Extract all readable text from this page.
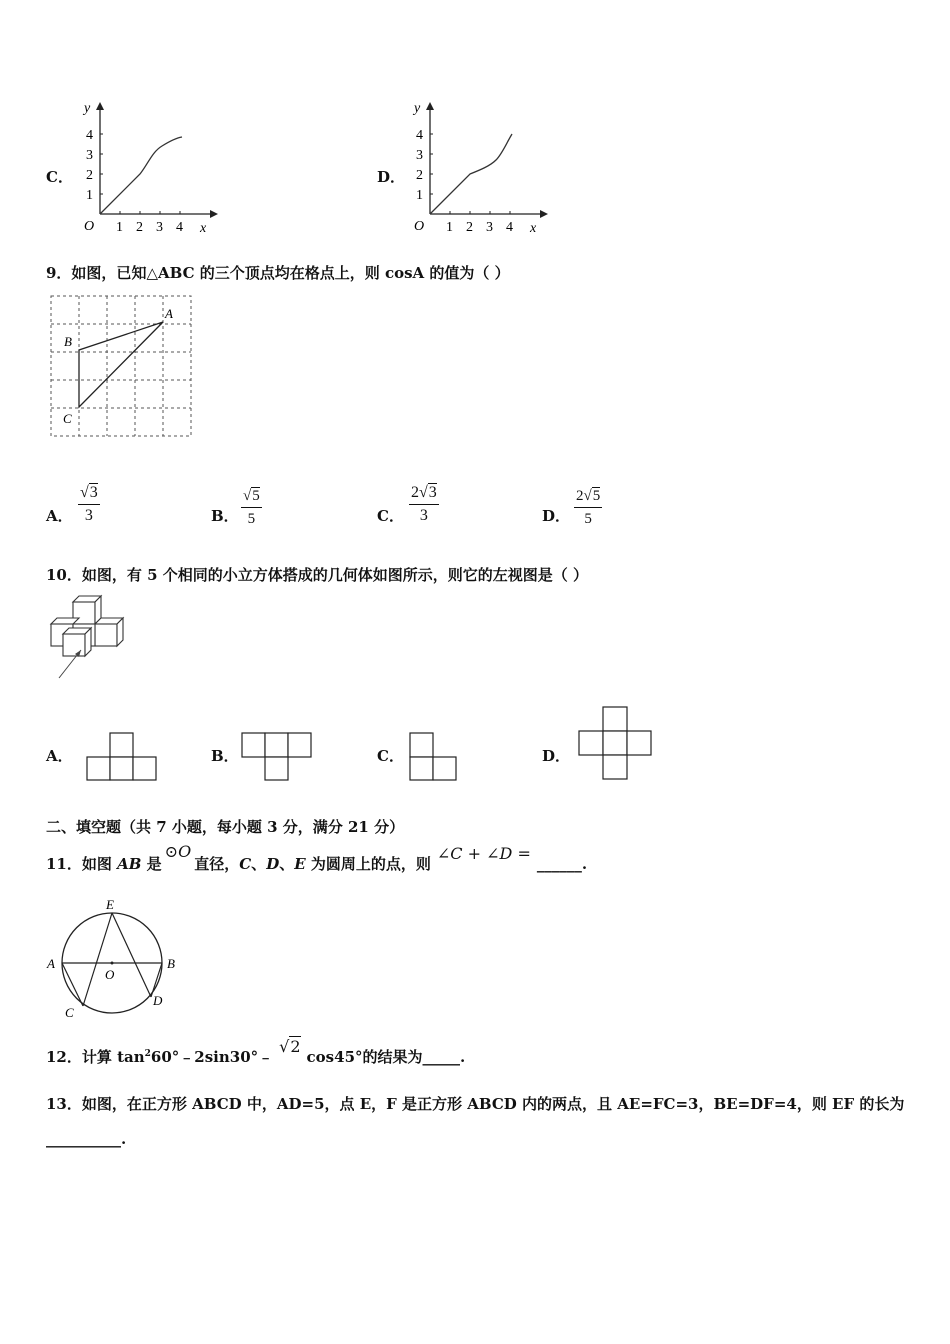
C．
y
x
O 1 2 3 4
1
2
3
4
D．
y
x
O 1 2 3 4
1
2
3
4
9．如图，已知△ABC 的三个顶点均在格点上，则 cosA 的值为（ ）
A
B
C
A． $\frac{√3}{3}$	B． $\frac{√5}{5}$	C． $\frac{2√3}{3}$	D． $\frac{2√5}{5}$
10．如图，有 5 个相同的小立方体搭成的几何体如图所示，则它的左视图是（ ）
A．	B．	C．	D．
二、填空题（共 7 小题，每小题 3 分，满分 21 分）
11．如图 AB 是⊙O直径，C、D、E 为圆周上的点，则∠C + ∠D =______.
E
A	B
O
C
D
12．计算 $\tan^260^\circ﹣2\sin 30^\circ﹣√2\cos 45^\circ$的结果为_____.
13．如图，在正方形 ABCD 中，AD=5，点 E，F 是正方形 ABCD 内的两点，且 AE=FC=3，BE=DF=4，则 EF 的长为
__________.
